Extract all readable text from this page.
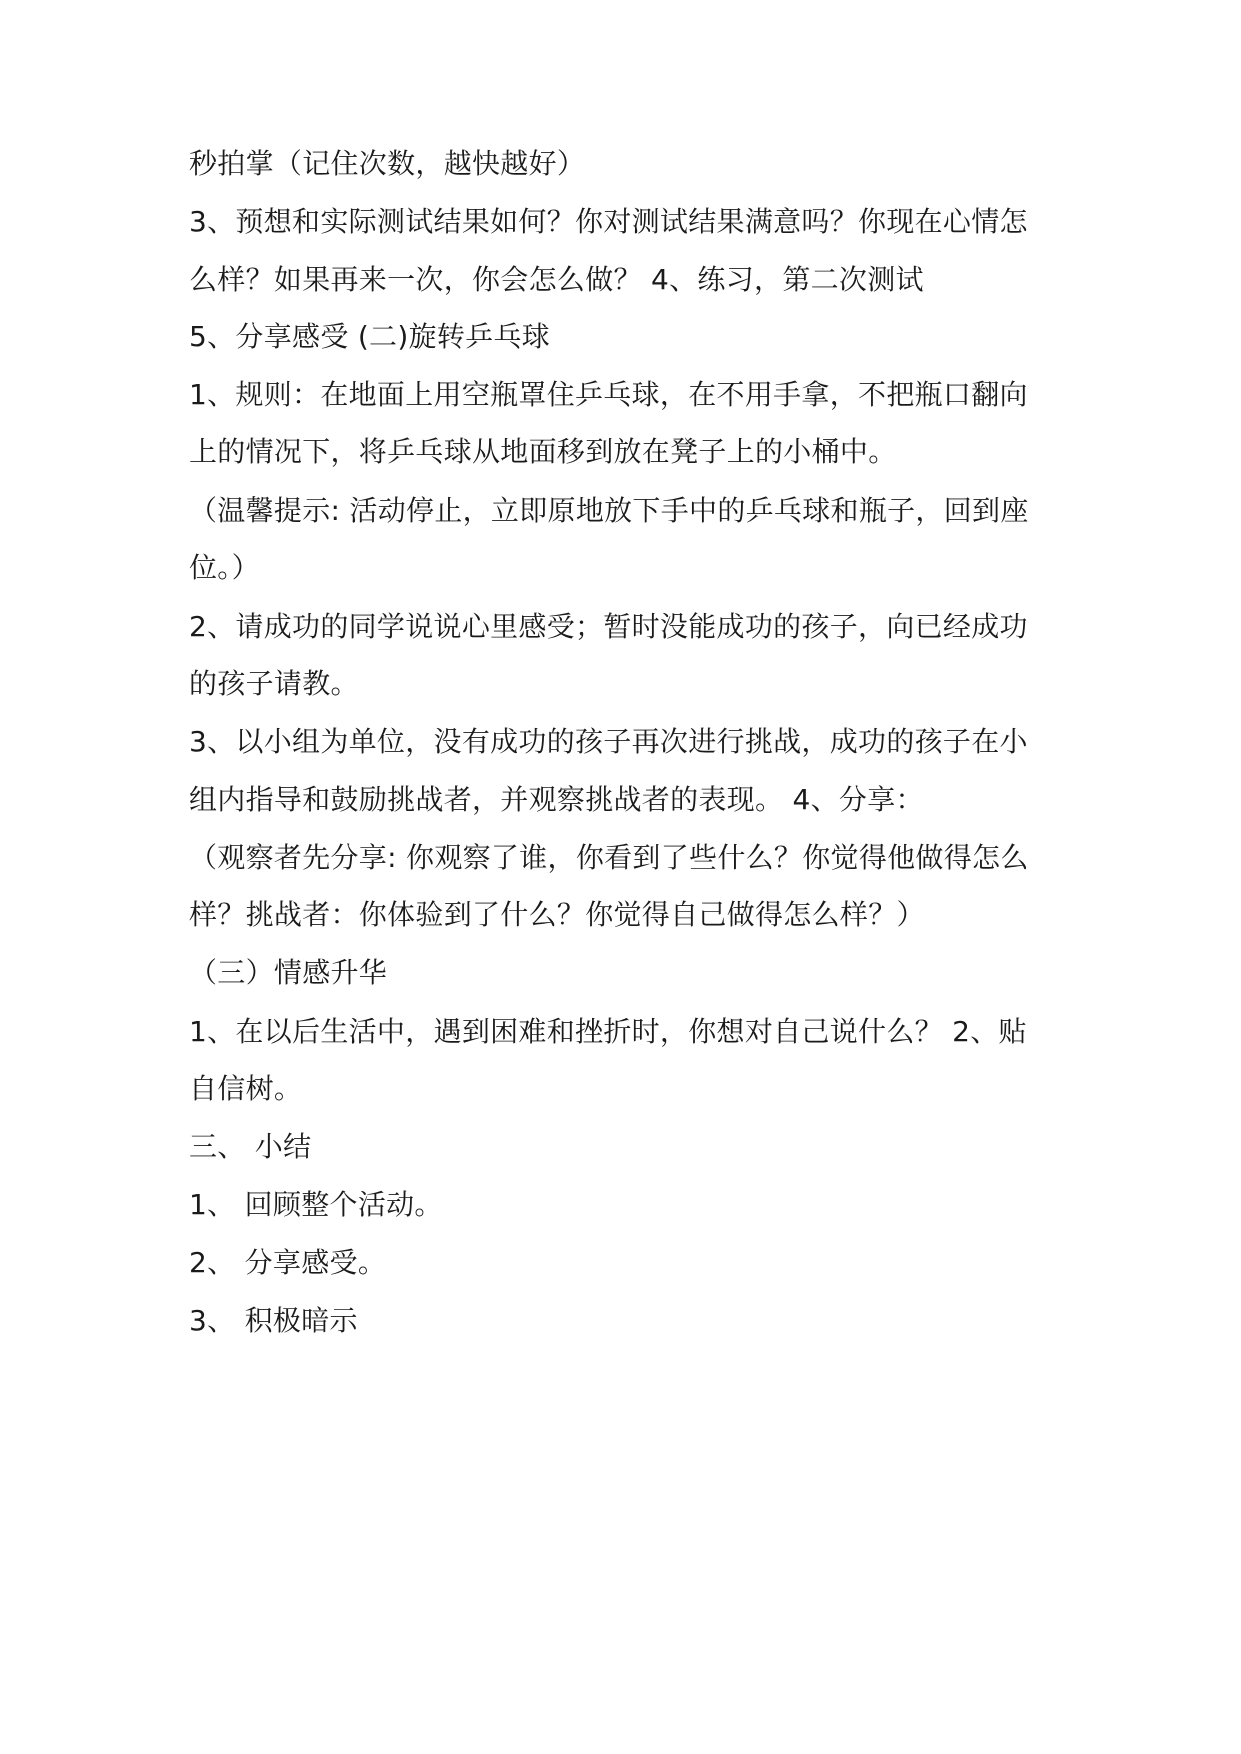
秒拍掌（记住次数，越快越好）
3、预想和实际测试结果如何？你对测试结果满意吗？你现在心情怎
么样？如果再来一次，你会怎么做？ 4、练习，第二次测试
5、分享感受 (二)旋转乒乓球
1、规则：在地面上用空瓶罩住乒乓球，在不用手拿，不把瓶口翻向
上的情况下，将乒乓球从地面移到放在凳子上的小桶中。
（温馨提示: 活动停止，立即原地放下手中的乒乓球和瓶子，回到座
位。）
2、请成功的同学说说心里感受；暂时没能成功的孩子，向已经成功
的孩子请教。
3、以小组为单位，没有成功的孩子再次进行挑战，成功的孩子在小
组内指导和鼓励挑战者，并观察挑战者的表现。 4、分享：
（观察者先分享: 你观察了谁，你看到了些什么？你觉得他做得怎么
样？挑战者：你体验到了什么？你觉得自己做得怎么样？）
（三）情感升华
1、在以后生活中，遇到困难和挫折时，你想对自己说什么？ 2、贴
自信树。
三、 小结
1、 回顾整个活动。
2、 分享感受。
3、 积极暗示
